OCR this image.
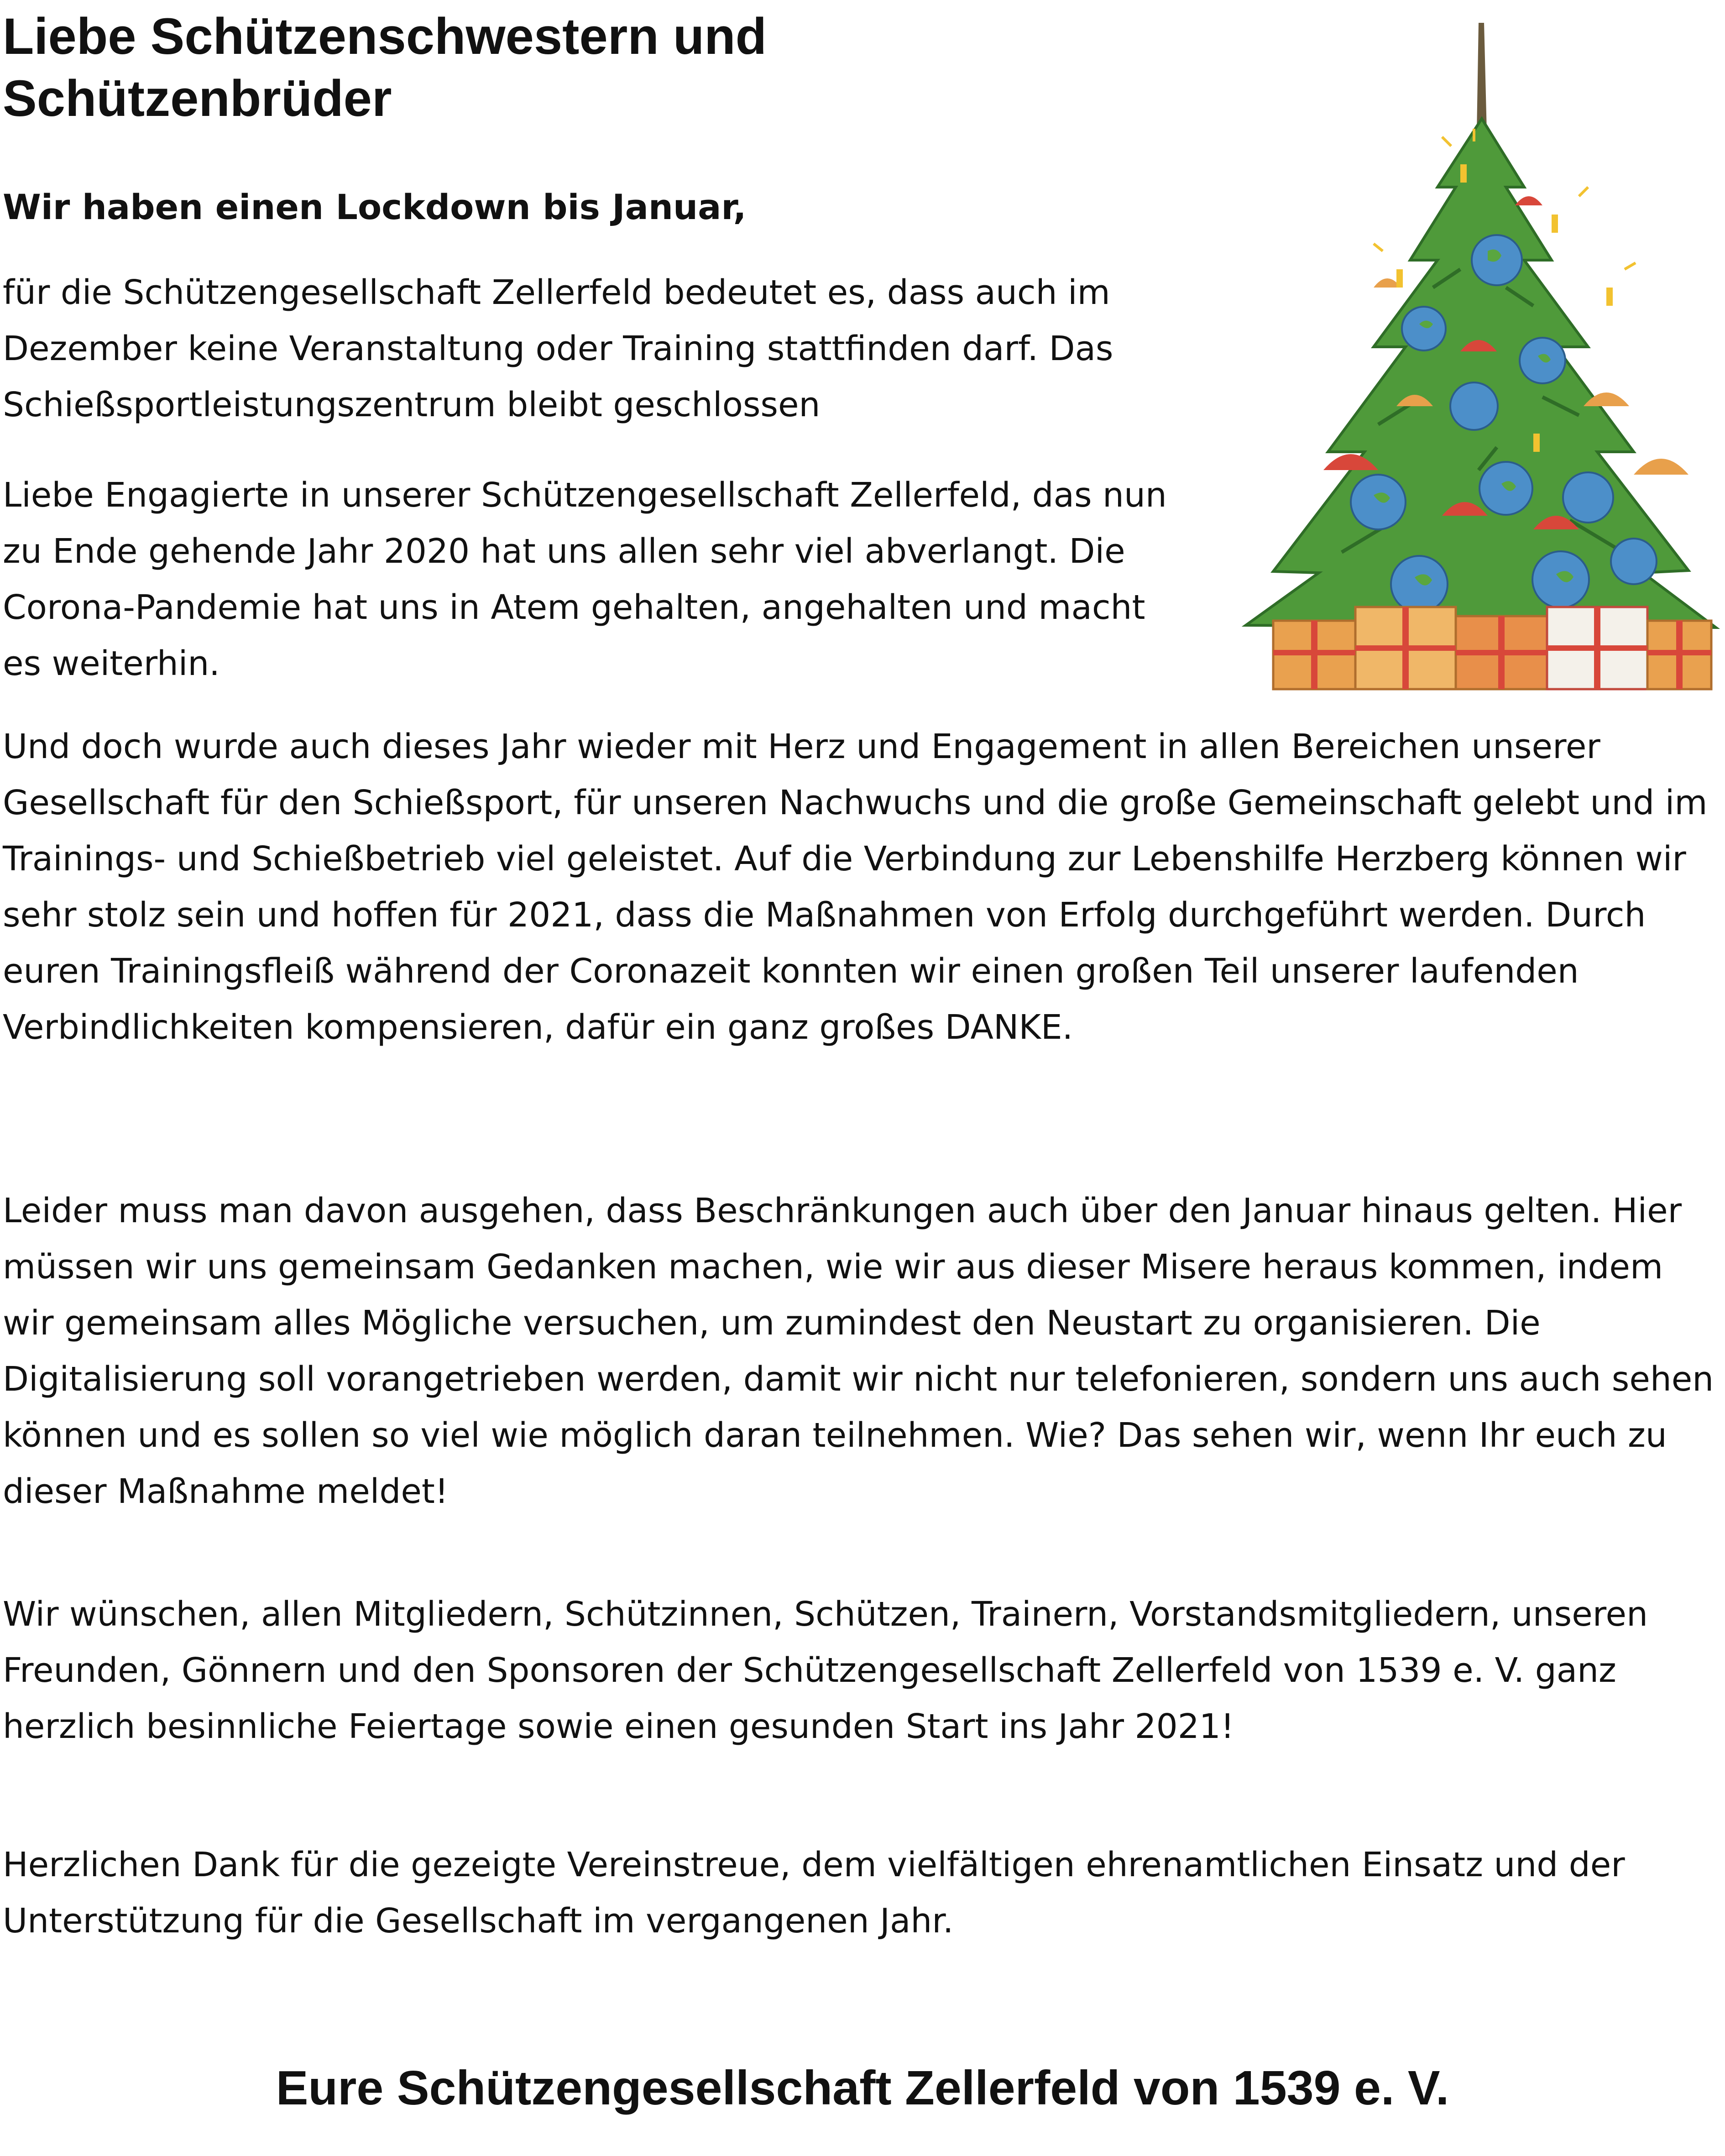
Liebe Schützenschwestern und
Schützenbrüder

Wir haben einen Lockdown bis Januar,

für die Schützengesellschaft Zellerfeld bedeutet es, dass auch im Dezember keine Veranstaltung oder Training stattfinden darf. Das Schießsportleistungszentrum bleibt geschlossen

Liebe Engagierte in unserer Schützengesellschaft Zellerfeld, das nun zu Ende gehende Jahr 2020 hat uns allen sehr viel abverlangt. Die Corona-Pandemie hat uns in Atem gehalten, angehalten und macht es weiterhin.

Und doch wurde auch dieses Jahr wieder mit Herz und Engagement in allen Bereichen unserer Gesellschaft für den Schießsport, für unseren Nachwuchs und die große Gemeinschaft gelebt und im Trainings- und Schießbetrieb viel geleistet. Auf die Verbindung zur Lebenshilfe Herzberg können wir sehr stolz sein und hoffen für 2021, dass die Maßnahmen von Erfolg durchgeführt werden. Durch euren Trainingsfleiß während der Coronazeit konnten wir einen großen Teil unserer laufenden Verbindlichkeiten kompensieren, dafür ein ganz großes DANKE.

Leider muss man davon ausgehen, dass Beschränkungen auch über den Januar hinaus gelten. Hier müssen wir uns gemeinsam Gedanken machen, wie wir aus dieser Misere heraus kommen, indem wir gemeinsam alles Mögliche versuchen, um zumindest den Neustart zu organisieren. Die Digitalisierung soll vorangetrieben werden, damit wir nicht nur telefonieren, sondern uns auch sehen können und es sollen so viel wie möglich daran teilnehmen. Wie? Das sehen wir, wenn Ihr euch zu dieser Maßnahme meldet!

Wir wünschen, allen Mitgliedern, Schützinnen, Schützen, Trainern, Vorstandsmitgliedern, unseren Freunden, Gönnern und den Sponsoren der Schützengesellschaft Zellerfeld von 1539 e. V. ganz herzlich besinnliche Feiertage sowie einen gesunden Start ins Jahr 2021!

Herzlichen Dank für die gezeigte Vereinstreue, dem vielfältigen ehrenamtlichen Einsatz und der Unterstützung für die Gesellschaft im vergangenen Jahr.

Eure Schützengesellschaft Zellerfeld von 1539 e. V.
